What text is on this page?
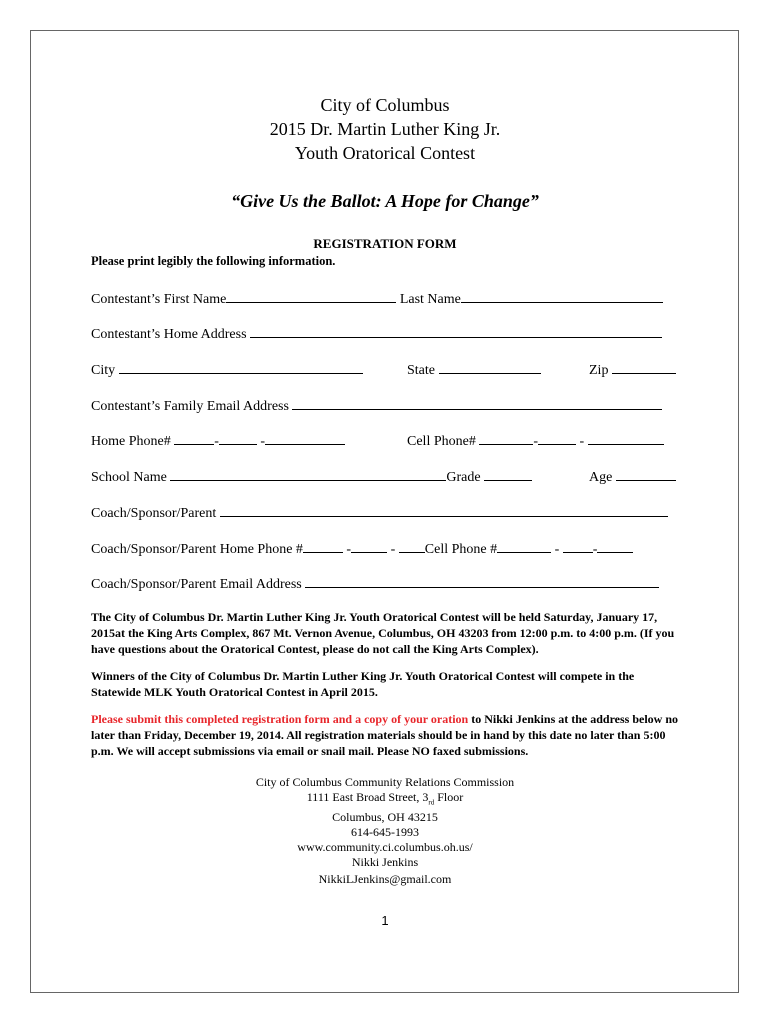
City of Columbus
2015 Dr. Martin Luther King Jr.
Youth Oratorical Contest
“Give Us the Ballot: A Hope for Change”
REGISTRATION FORM
Please print legibly the following information.
Contestant’s First Name	Last Name
Contestant’s Home Address
City	State	Zip
Contestant’s Family Email Address
Home Phone#	-	-	Cell Phone#	-	-
School Name	Grade	Age
Coach/Sponsor/Parent
Coach/Sponsor/Parent Home Phone #	-	- Cell Phone #	- -
Coach/Sponsor/Parent Email Address
The City of Columbus Dr. Martin Luther King Jr. Youth Oratorical Contest will be held Saturday, January 17, 2015at the King Arts Complex, 867 Mt. Vernon Avenue, Columbus, OH 43203 from 12:00 p.m. to 4:00 p.m. (If you have questions about the Oratorical Contest, please do not call the King Arts Complex).
Winners of the City of Columbus Dr. Martin Luther King Jr. Youth Oratorical Contest will compete in the Statewide MLK Youth Oratorical Contest in April 2015.
Please submit this completed registration form and a copy of your oration to Nikki Jenkins at the address below no later than Friday, December 19, 2014. All registration materials should be in hand by this date no later than 5:00 p.m. We will accept submissions via email or snail mail. Please NO faxed submissions.
City of Columbus Community Relations Commission
1111 East Broad Street, $3_{rd}$ Floor
Columbus, OH 43215
614-645-1993
www.community.ci.columbus.oh.us/
Nikki Jenkins
NikkiLJenkins@gmail.com
1
